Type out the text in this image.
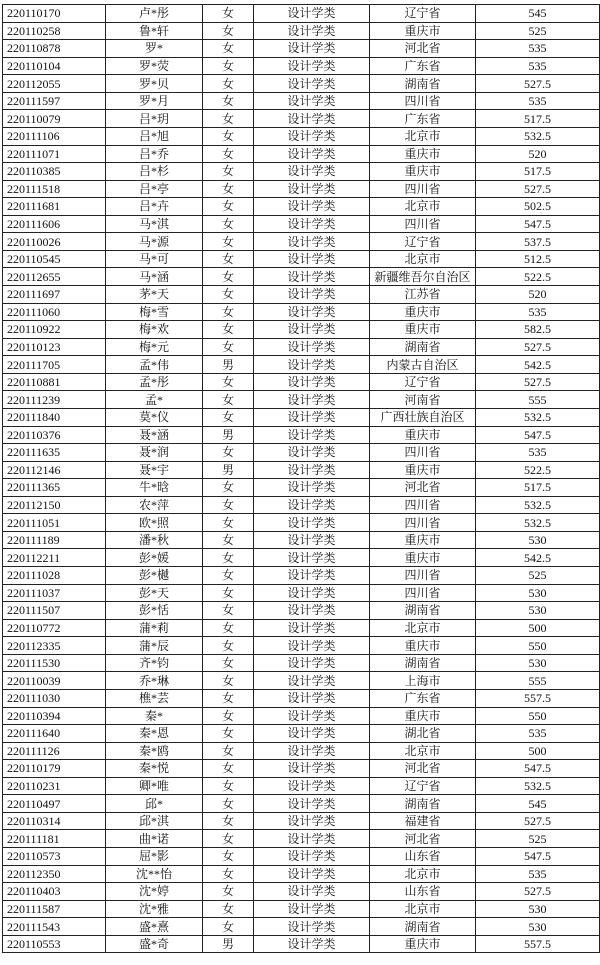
220110170	卢*彤	女	设计学类	辽宁省	545
220110258	鲁*轩	女	设计学类	重庆市	525
220110878	罗*	女	设计学类	河北省	535
220110104	罗*荧	女	设计学类	广东省	535
220112055	罗*贝	女	设计学类	湖南省	527.5
220111597	罗*月	女	设计学类	四川省	535
220110079	吕*玥	女	设计学类	广东省	517.5
220111106	吕*旭	女	设计学类	北京市	532.5
220111071	吕*乔	女	设计学类	重庆市	520
220110385	吕*杉	女	设计学类	重庆市	517.5
220111518	吕*亭	女	设计学类	四川省	527.5
220111681	吕*卉	女	设计学类	北京市	502.5
220111606	马*淇	女	设计学类	四川省	547.5
220110026	马*源	女	设计学类	辽宁省	537.5
220110545	马*可	女	设计学类	北京市	512.5
220112655	马*涵	女	设计学类	新疆维吾尔自治区	522.5
220111697	茅*天	女	设计学类	江苏省	520
220111060	梅*雪	女	设计学类	重庆市	535
220110922	梅*欢	女	设计学类	重庆市	582.5
220110123	梅*元	女	设计学类	湖南省	527.5
220111705	孟*伟	男	设计学类	内蒙古自治区	542.5
220110881	孟*彤	女	设计学类	辽宁省	527.5
220111239	孟*	女	设计学类	河南省	555
220111840	莫*仪	女	设计学类	广西壮族自治区	532.5
220110376	聂*涵	男	设计学类	重庆市	547.5
220111635	聂*润	女	设计学类	四川省	535
220112146	聂*宇	男	设计学类	重庆市	522.5
220111365	牛*晗	女	设计学类	河北省	517.5
220112150	农*萍	女	设计学类	四川省	532.5
220111051	欧*照	女	设计学类	四川省	532.5
220111189	潘*秋	女	设计学类	重庆市	530
220112211	彭*媛	女	设计学类	重庆市	542.5
220111028	彭*樾	女	设计学类	四川省	525
220111037	彭*天	女	设计学类	四川省	530
220111507	彭*恬	女	设计学类	湖南省	530
220110772	蒲*莉	女	设计学类	北京市	500
220112335	蒲*辰	女	设计学类	重庆市	550
220111530	齐*钧	女	设计学类	湖南省	530
220110039	乔*琳	女	设计学类	上海市	555
220111030	樵*芸	女	设计学类	广东省	557.5
220110394	秦*	女	设计学类	重庆市	550
220111640	秦*恩	女	设计学类	湖北省	535
220111126	秦*鸥	女	设计学类	北京市	500
220110179	秦*悦	女	设计学类	河北省	547.5
220110231	卿*唯	女	设计学类	辽宁省	532.5
220110497	邱*	女	设计学类	湖南省	545
220110314	邱*淇	女	设计学类	福建省	527.5
220111181	曲*诺	女	设计学类	河北省	525
220110573	屈*影	女	设计学类	山东省	547.5
220112350	沈**怡	女	设计学类	北京市	535
220110403	沈*婷	女	设计学类	山东省	527.5
220111587	沈*雅	女	设计学类	北京市	530
220111543	盛*熹	女	设计学类	湖南省	530
220110553	盛*奇	男	设计学类	重庆市	557.5
